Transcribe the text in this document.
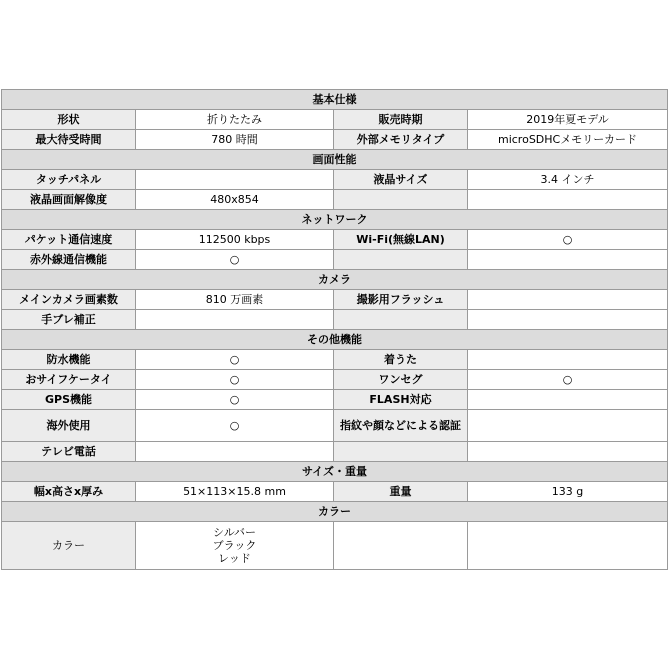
基本仕様			
形状	折りたたみ	販売時期	2019年夏モデル
最大待受時間	780 時間	外部メモリタイプ	microSDHCメモリーカード
画面性能			
タッチパネル		液晶サイズ	3.4 インチ
液晶画面解像度	480x854		
ネットワーク			
パケット通信速度	112500 kbps	Wi-Fi(無線LAN)	○
赤外線通信機能	○		
カメラ			
メインカメラ画素数	810 万画素	撮影用フラッシュ	
手ブレ補正			
その他機能			
防水機能	○	着うた	
おサイフケータイ	○	ワンセグ	○
GPS機能	○	FLASH対応	
海外使用	○	指紋や顔などによる認証	
テレビ電話			
サイズ・重量			
幅x高さx厚み	51×113×15.8 mm	重量	133 g
カラー			
カラー	シルバー
ブラック
レッド		
